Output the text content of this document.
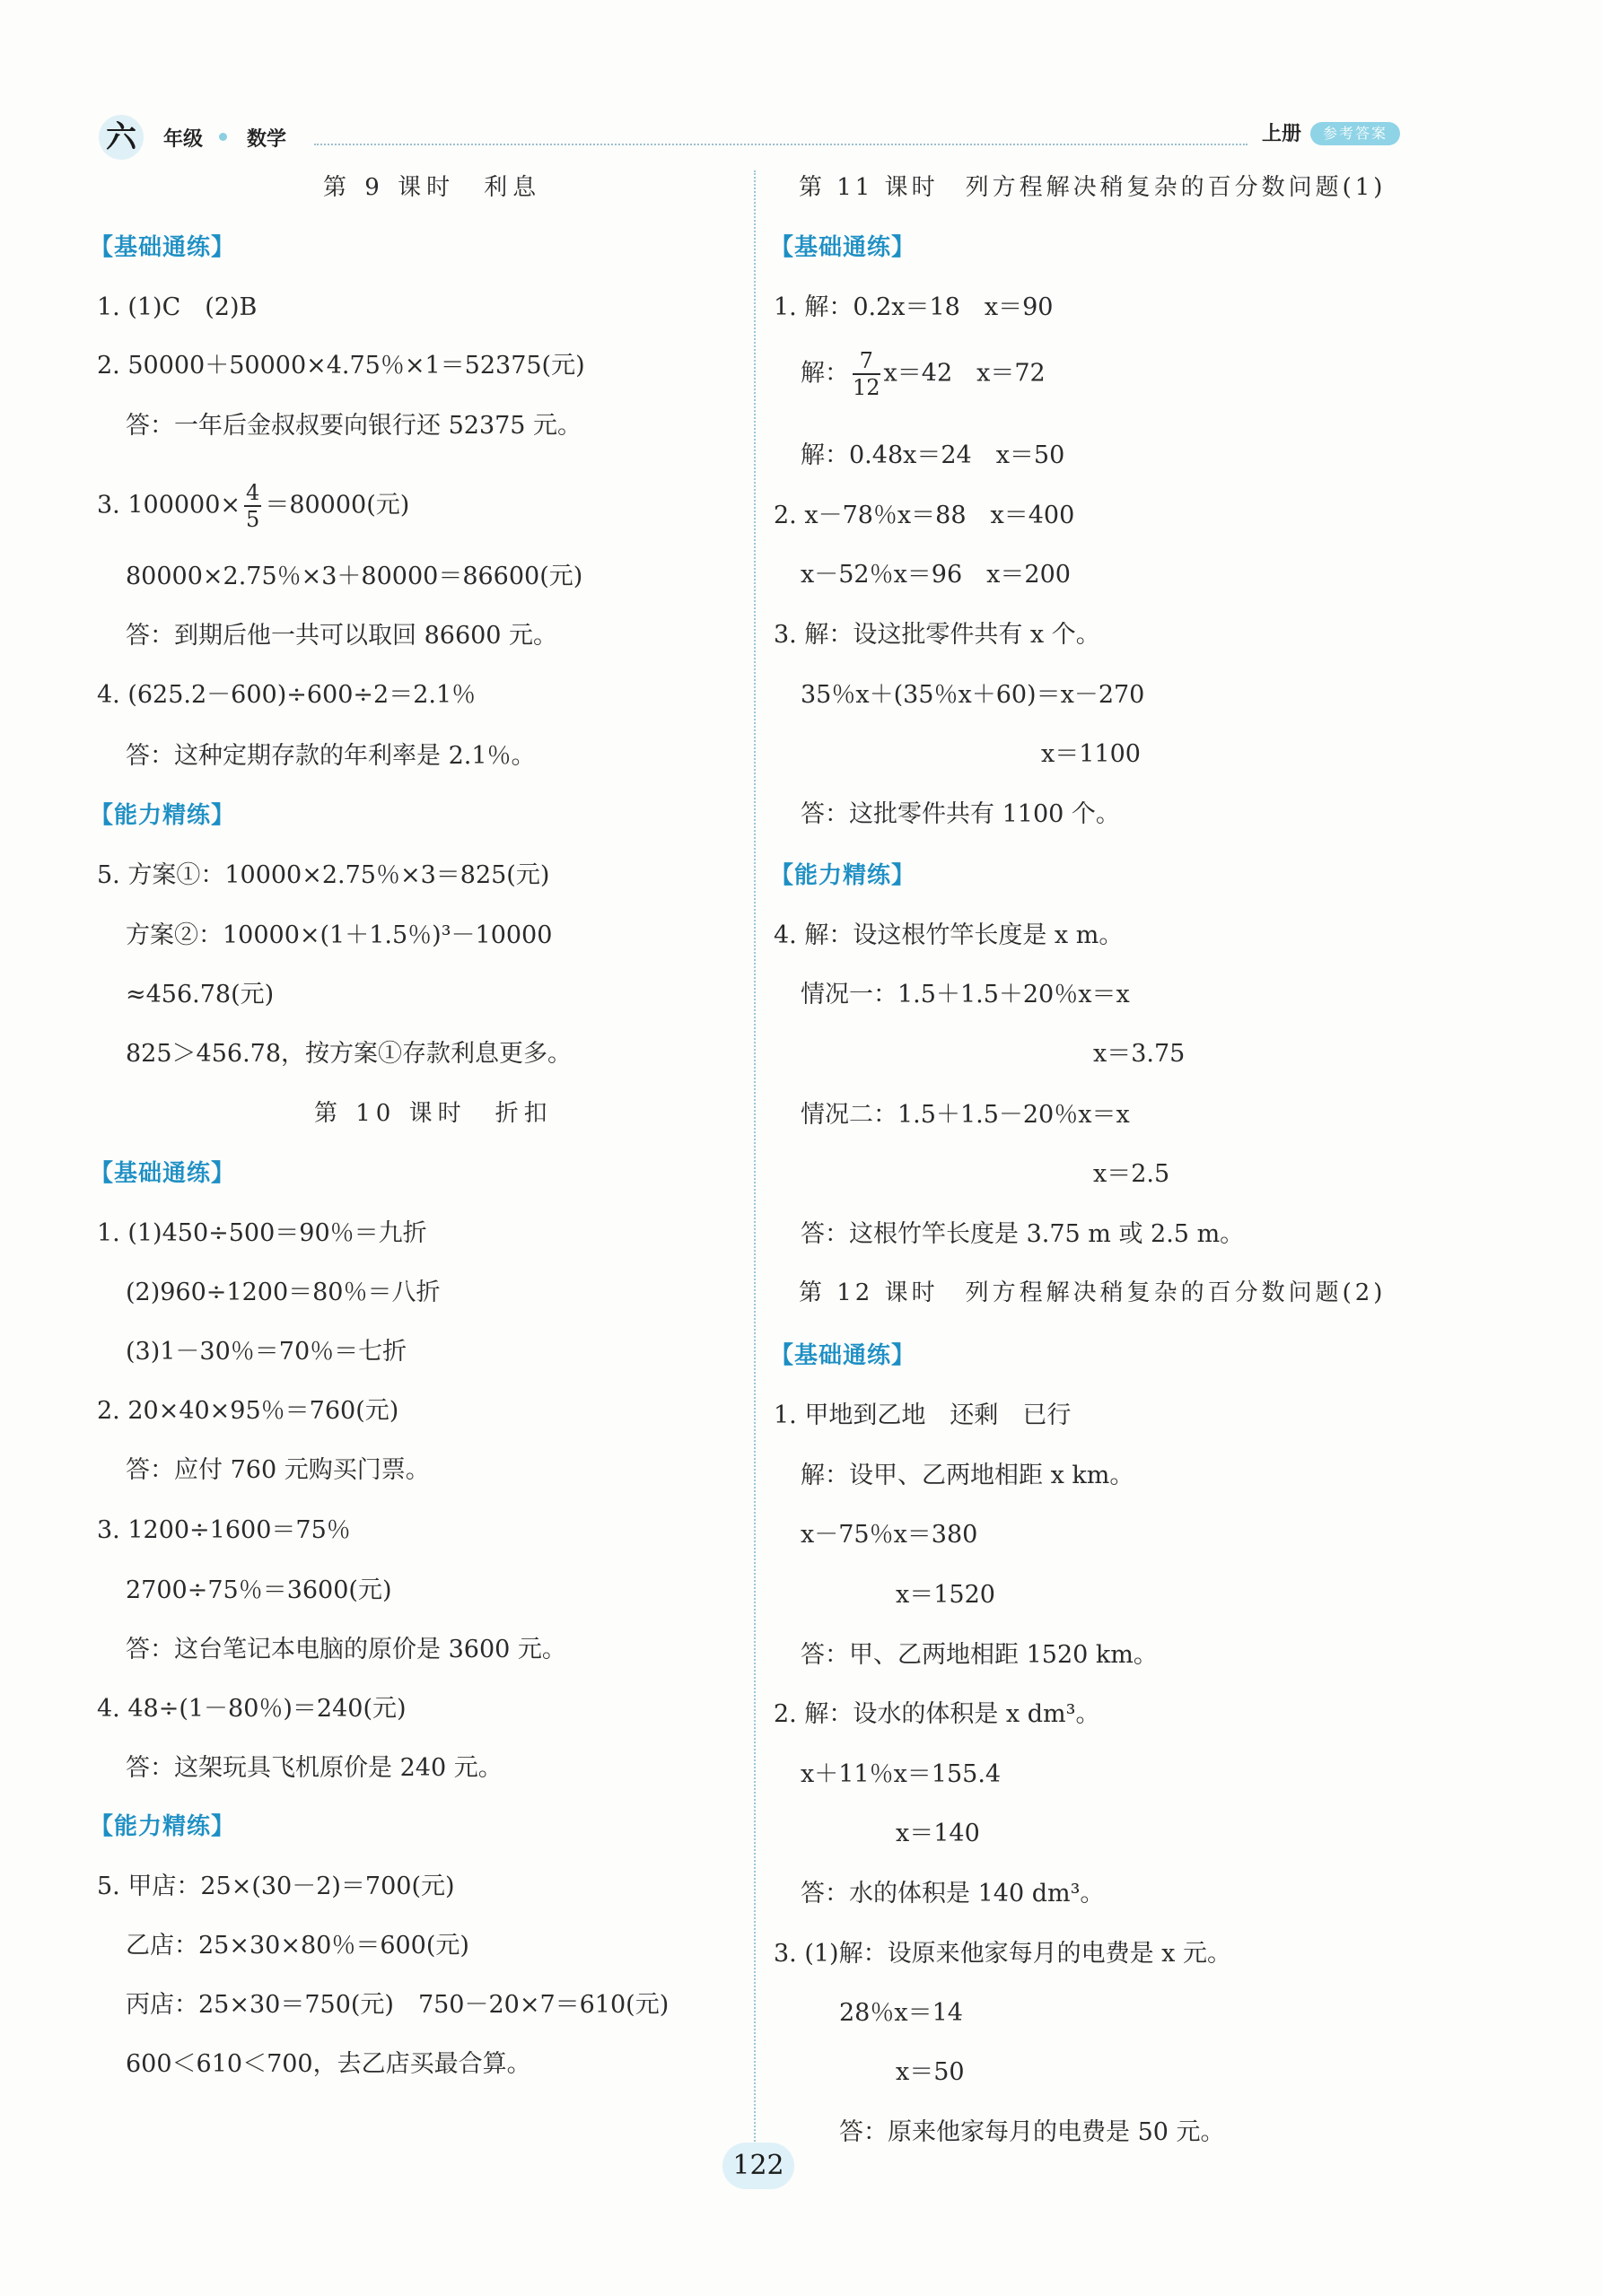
六	年级 数学	上册	参考答案
第 9 课时　利息
【基础通练】
1. (1)C　(2)B
2. 50000＋50000×4.75％×1＝52375(元)
答：一年后金叔叔要向银行还 52375 元。
3. $100000\times \frac{4}{5} =80000$(元)
80000×2.75％×3＋80000＝86600(元)
答：到期后他一共可以取回 86600 元。
4. (625.2－600)÷600÷2＝2.1％
答：这种定期存款的年利率是 2.1％。
【能力精练】
5. 方案①：10000×2.75％×3＝825(元)
方案②：10000×(1＋1.5％)³－10000
≈456.78(元)
825＞456.78，按方案①存款利息更多。
第 10 课时　折扣
【基础通练】
1. (1)450÷500＝90％＝九折
(2)960÷1200＝80％＝八折
(3)1－30％＝70％＝七折
2. 20×40×95％＝760(元)
答：应付 760 元购买门票。
3. 1200÷1600＝75％
2700÷75％＝3600(元)
答：这台笔记本电脑的原价是 3600 元。
4. 48÷(1－80％)＝240(元)
答：这架玩具飞机原价是 240 元。
【能力精练】
5. 甲店：25×(30－2)＝700(元)
乙店：25×30×80％＝600(元)
丙店：25×30＝750(元)　750－20×7＝610(元)
600＜610＜700，去乙店买最合算。
第 11 课时　列方程解决稍复杂的百分数问题(1)
【基础通练】
1. 解：0.2x＝18　x＝90
解： $\frac{7}{12} x=42$　x＝72
解：0.48x＝24　x＝50
2. x－78％x＝88　x＝400
x－52％x＝96　x＝200
3. 解：设这批零件共有 x 个。
35％x＋(35％x＋60)＝x－270
x＝1100
答：这批零件共有 1100 个。
【能力精练】
4. 解：设这根竹竿长度是 x m。
情况一：1.5＋1.5＋20％x＝x
x＝3.75
情况二：1.5＋1.5－20％x＝x
x＝2.5
答：这根竹竿长度是 3.75 m 或 2.5 m。
第 12 课时　列方程解决稍复杂的百分数问题(2)
【基础通练】
1. 甲地到乙地　还剩　已行
解：设甲、乙两地相距 x km。
x－75％x＝380
x＝1520
答：甲、乙两地相距 1520 km。
2. 解：设水的体积是 x dm³。
x＋11％x＝155.4
x＝140
答：水的体积是 140 dm³。
3. (1)解：设原来他家每月的电费是 x 元。
28％x＝14
x＝50
答：原来他家每月的电费是 50 元。
122
